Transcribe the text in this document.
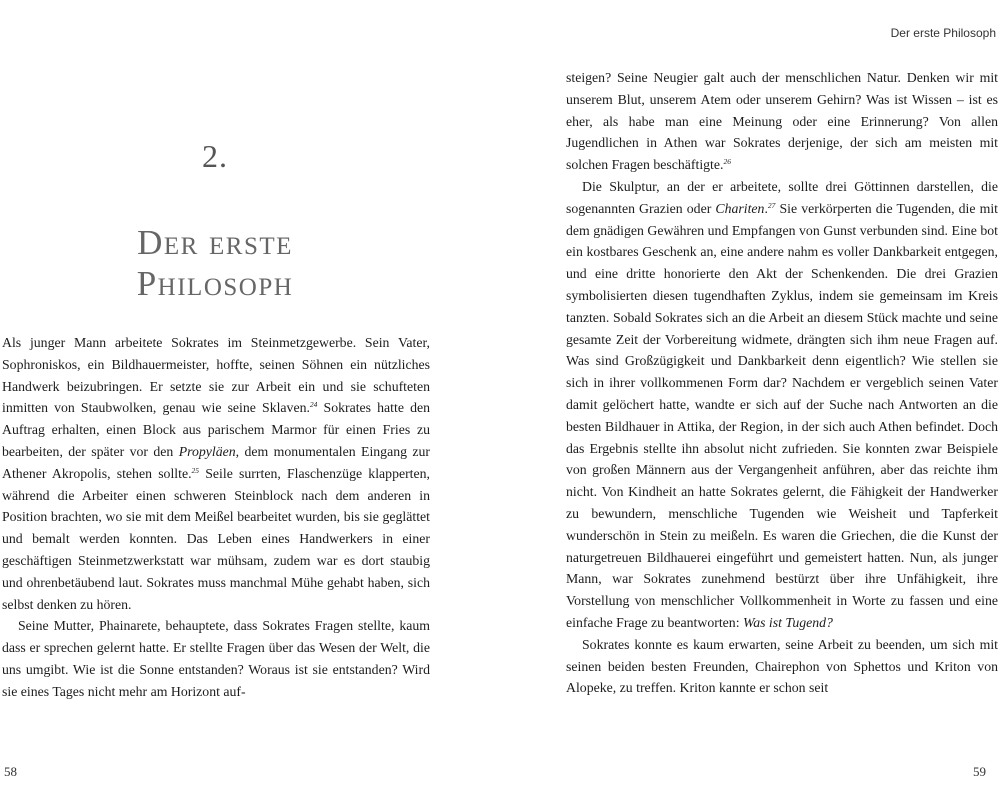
2.
Der erste
Philosoph

Als junger Mann arbeitete Sokrates im Steinmetzgewerbe. Sein Vater, Sophroniskos, ein Bildhauermeister, hoffte, seinen Söhnen ein nützliches Handwerk beizubringen. Er setzte sie zur Arbeit ein und sie schufteten inmitten von Staubwolken, genau wie seine Sklaven.$^{24}$ Sokrates hatte den Auftrag erhalten, einen Block aus parischem Marmor für einen Fries zu bearbeiten, der später vor den Propyläen, dem monumentalen Eingang zur Athener Akropolis, stehen sollte.$^{25}$ Seile surrten, Flaschenzüge klapperten, während die Arbeiter einen schweren Steinblock nach dem anderen in Position brachten, wo sie mit dem Meißel bearbeitet wurden, bis sie geglättet und bemalt werden konnten. Das Leben eines Handwerkers in einer geschäftigen Steinmetzwerkstatt war mühsam, zudem war es dort staubig und ohrenbetäubend laut. Sokrates muss manchmal Mühe gehabt haben, sich selbst denken zu hören.

Seine Mutter, Phainarete, behauptete, dass Sokrates Fragen stellte, kaum dass er sprechen gelernt hatte. Er stellte Fragen über das Wesen der Welt, die uns umgibt. Wie ist die Sonne entstanden? Woraus ist sie entstanden? Wird sie eines Tages nicht mehr am Horizont auf-

58
Der erste Philosoph

steigen? Seine Neugier galt auch der menschlichen Natur. Denken wir mit unserem Blut, unserem Atem oder unserem Gehirn? Was ist Wissen – ist es eher, als habe man eine Meinung oder eine Erinnerung? Von allen Jugendlichen in Athen war Sokrates derjenige, der sich am meisten mit solchen Fragen beschäftigte.$^{26}$

Die Skulptur, an der er arbeitete, sollte drei Göttinnen darstellen, die sogenannten Grazien oder Chariten.$^{27}$ Sie verkörperten die Tugenden, die mit dem gnädigen Gewähren und Empfangen von Gunst verbunden sind. Eine bot ein kostbares Geschenk an, eine andere nahm es voller Dankbarkeit entgegen, und eine dritte honorierte den Akt der Schenkenden. Die drei Grazien symbolisierten diesen tugendhaften Zyklus, indem sie gemeinsam im Kreis tanzten. Sobald Sokrates sich an die Arbeit an diesem Stück machte und seine gesamte Zeit der Vorbereitung widmete, drängten sich ihm neue Fragen auf. Was sind Großzügigkeit und Dankbarkeit denn eigentlich? Wie stellen sie sich in ihrer vollkommenen Form dar? Nachdem er vergeblich seinen Vater damit gelöchert hatte, wandte er sich auf der Suche nach Antworten an die besten Bildhauer in Attika, der Region, in der sich auch Athen befindet. Doch das Ergebnis stellte ihn absolut nicht zufrieden. Sie konnten zwar Beispiele von großen Männern aus der Vergangenheit anführen, aber das reichte ihm nicht. Von Kindheit an hatte Sokrates gelernt, die Fähigkeit der Handwerker zu bewundern, menschliche Tugenden wie Weisheit und Tapferkeit wunderschön in Stein zu meißeln. Es waren die Griechen, die die Kunst der naturgetreuen Bildhauerei eingeführt und gemeistert hatten. Nun, als junger Mann, war Sokrates zunehmend bestürzt über ihre Unfähigkeit, ihre Vorstellung von menschlicher Vollkommenheit in Worte zu fassen und eine einfache Frage zu beantworten: Was ist Tugend?

Sokrates konnte es kaum erwarten, seine Arbeit zu beenden, um sich mit seinen beiden besten Freunden, Chairephon von Sphettos und Kriton von Alopeke, zu treffen. Kriton kannte er schon seit

59
